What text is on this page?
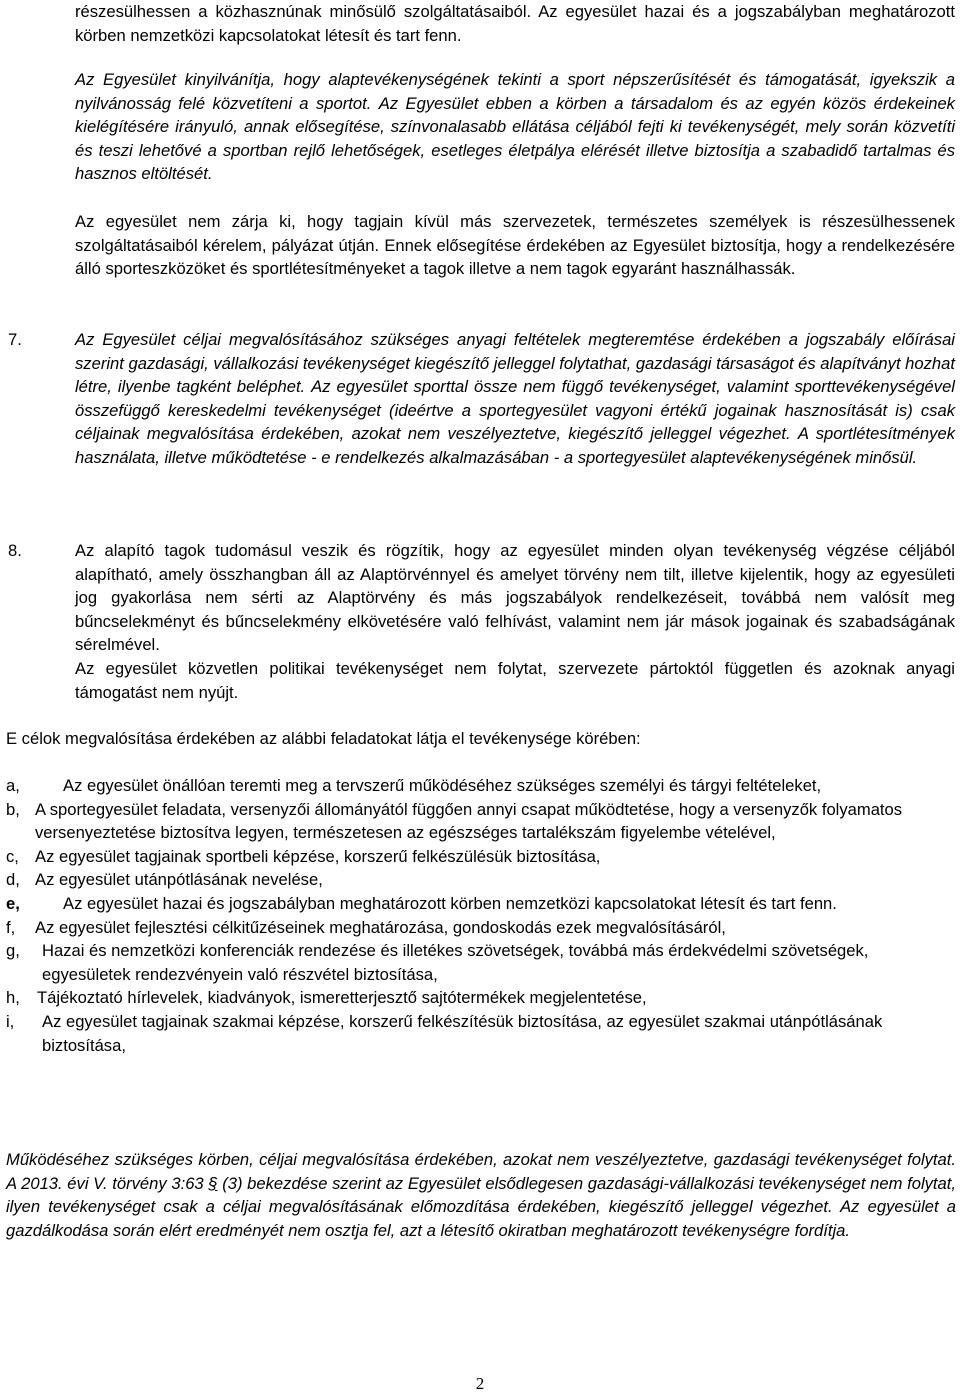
részesülhessen a közhasznúnak minősülő szolgáltatásaiból. Az egyesület hazai és a jogszabályban meghatározott körben nemzetközi kapcsolatokat létesít és tart fenn.

Az Egyesület kinyilvánítja, hogy alaptevékenységének tekinti a sport népszerűsítését és támogatását, igyekszik a nyilvánosság felé közvetíteni a sportot. Az Egyesület ebben a körben a társadalom és az egyén közös érdekeinek kielégítésére irányuló, annak elősegítése, színvonalasabb ellátása céljából fejti ki tevékenységét, mely során közvetíti és teszi lehetővé a sportban rejlő lehetőségek, esetleges életpálya elérését illetve biztosítja a szabadidő tartalmas és hasznos eltöltését.

Az egyesület nem zárja ki, hogy tagjain kívül más szervezetek, természetes személyek is részesülhessenek szolgáltatásaiból kérelem, pályázat útján. Ennek elősegítése érdekében az Egyesület biztosítja, hogy a rendelkezésére álló sporteszközöket és sportlétesítményeket a tagok illetve a nem tagok egyaránt használhassák.

7.	Az Egyesület céljai megvalósításához szükséges anyagi feltételek megteremtése érdekében a jogszabály előírásai szerint gazdasági, vállalkozási tevékenységet kiegészítő jelleggel folytathat, gazdasági társaságot és alapítványt hozhat létre, ilyenbe tagként beléphet. Az egyesület sporttal össze nem függő tevékenységet, valamint sporttevékenységével összefüggő kereskedelmi tevékenységet (ideértve a sportegyesület vagyoni értékű jogainak hasznosítását is) csak céljainak megvalósítása érdekében, azokat nem veszélyeztetve, kiegészítő jelleggel végezhet. A sportlétesítmények használata, illetve működtetése - e rendelkezés alkalmazásában - a sportegyesület alaptevékenységének minősül.

8.	Az alapító tagok tudomásul veszik és rögzítik, hogy az egyesület minden olyan tevékenység végzése céljából alapítható, amely összhangban áll az Alaptörvénnyel és amelyet törvény nem tilt, illetve kijelentik, hogy az egyesületi jog gyakorlása nem sérti az Alaptörvény és más jogszabályok rendelkezéseit, továbbá nem valósít meg bűncselekményt és bűncselekmény elkövetésére való felhívást, valamint nem jár mások jogainak és szabadságának sérelmével.

Az egyesület közvetlen politikai tevékenységet nem folytat, szervezete pártoktól független és azoknak anyagi támogatást nem nyújt.

E célok megvalósítása érdekében az alábbi feladatokat látja el tevékenysége körében:

a,	Az egyesület önállóan teremti meg a tervszerű működéséhez szükséges személyi és tárgyi feltételeket,
b, A sportegyesület feladata, versenyzői állományától függően annyi csapat működtetése, hogy a versenyzők folyamatos versenyeztetése biztosítva legyen, természetesen az egészséges tartalékszám figyelembe vételével,
c, Az egyesület tagjainak sportbeli képzése, korszerű felkészülésük biztosítása,
d, Az egyesület utánpótlásának nevelése,
e,	Az egyesület hazai és jogszabályban meghatározott körben nemzetközi kapcsolatokat létesít és tart fenn.
f,	Az egyesület fejlesztési célkitűzéseinek meghatározása, gondoskodás ezek megvalósításáról,
g,	Hazai és nemzetközi konferenciák rendezése és illetékes szövetségek, továbbá más érdekvédelmi szövetségek, egyesületek rendezvényein való részvétel biztosítása,
h,	Tájékoztató hírlevelek, kiadványok, ismeretterjesztő sajtótermékek megjelentetése,
i,	Az egyesület tagjainak szakmai képzése, korszerű felkészítésük biztosítása, az egyesület szakmai utánpótlásának biztosítása,

Működéséhez szükséges körben, céljai megvalósítása érdekében, azokat nem veszélyeztetve, gazdasági tevékenységet folytat. A 2013. évi V. törvény 3:63 § (3) bekezdése szerint az Egyesület elsődlegesen gazdasági-vállalkozási tevékenységet nem folytat, ilyen tevékenységet csak a céljai megvalósításának előmozdítása érdekében, kiegészítő jelleggel végezhet. Az egyesület a gazdálkodása során elért eredményét nem osztja fel, azt a létesítő okiratban meghatározott tevékenységre fordítja.

2
